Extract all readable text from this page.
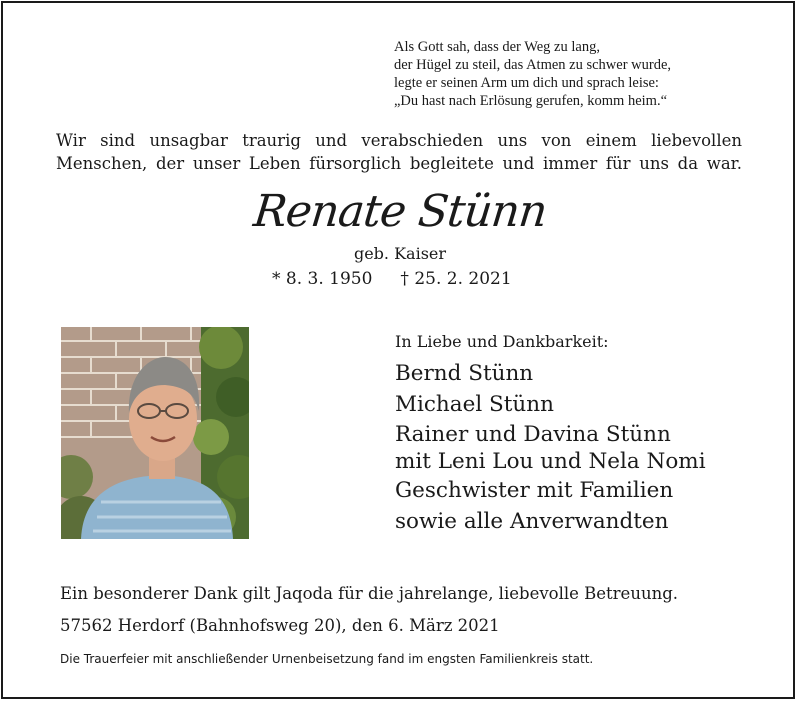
Als Gott sah, dass der Weg zu lang,
der Hügel zu steil, das Atmen zu schwer wurde,
legte er seinen Arm um dich und sprach leise:
„Du hast nach Erlösung gerufen, komm heim.“
Wir sind unsagbar traurig und verabschieden uns von einem liebevollen
Menschen, der unser Leben fürsorglich begleitete und immer für uns da war.
Renate Stünn
geb. Kaiser
* 8. 3. 1950 † 25. 2. 2021
In Liebe und Dankbarkeit:
Bernd Stünn
Michael Stünn
Rainer und Davina Stünn
mit Leni Lou und Nela Nomi
Geschwister mit Familien
sowie alle Anverwandten
Ein besonderer Dank gilt Jaqoda für die jahrelange, liebevolle Betreuung.
57562 Herdorf (Bahnhofsweg 20), den 6. März 2021
Die Trauerfeier mit anschließender Urnenbeisetzung fand im engsten Familienkreis statt.
